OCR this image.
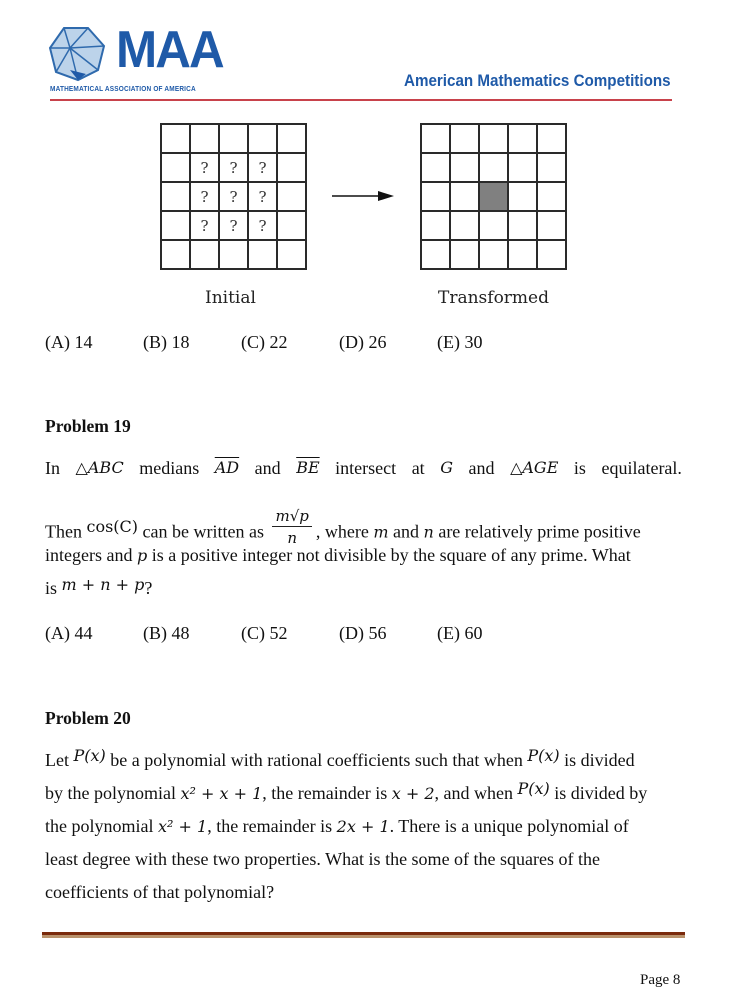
MAA
MATHEMATICAL ASSOCIATION OF AMERICA	American Mathematics Competitions

	?	?	?	
	?	?	?	
	?	?	?	

Initial	Transformed
(A) 14	(B) 18	(C) 22	(D) 26	(E) 30
Problem 19
In △ABC medians $\overline{AD}$ and $\overline{BE}$ intersect at G and △AGE is equilateral.
Then cos(C) can be written as $\frac{m√p}{n}$ , where m and n are relatively prime positive
integers and p is a positive integer not divisible by the square of any prime. What
is m + n + p?
(A) 44	(B) 48	(C) 52	(D) 56	(E) 60
Problem 20
Let P(x) be a polynomial with rational coefficients such that when P(x) is divided
by the polynomial x² + x + 1, the remainder is x + 2, and when P(x) is divided by
the polynomial x² + 1, the remainder is 2x + 1. There is a unique polynomial of
least degree with these two properties. What is the some of the squares of the
coefficients of that polynomial?
Page 8
